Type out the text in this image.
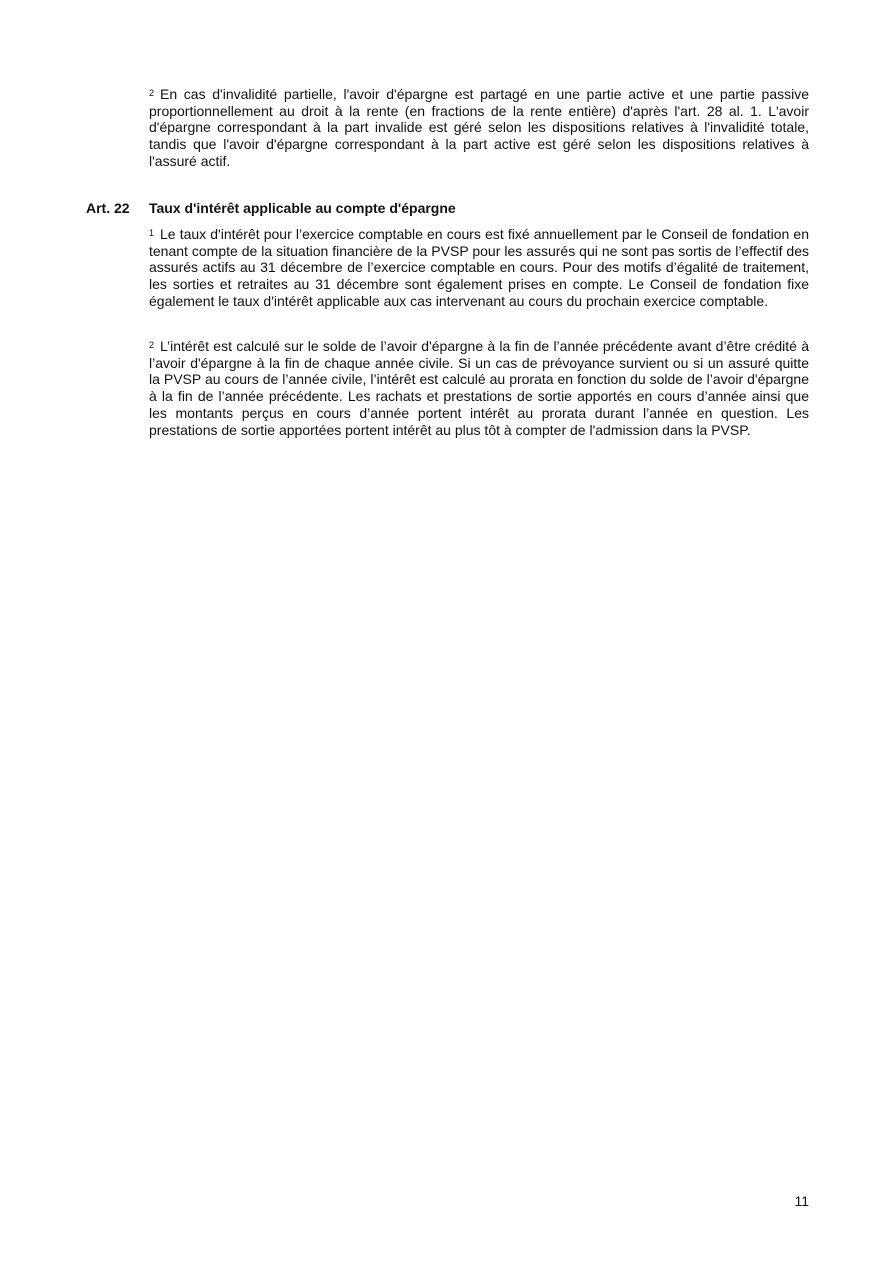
$^2$ En cas d'invalidité partielle, l'avoir d'épargne est partagé en une partie active et une partie passive proportionnellement au droit à la rente (en fractions de la rente entière) d'après l'art. 28 al. 1. L'avoir d'épargne correspondant à la part invalide est géré selon les dispositions relatives à l'invalidité totale, tandis que l'avoir d'épargne correspondant à la part active est géré selon les dispositions relatives à l'assuré actif.

Art. 22 Taux d'intérêt applicable au compte d'épargne

$^1$ Le taux d'intérêt pour l’exercice comptable en cours est fixé annuellement par le Conseil de fondation en tenant compte de la situation financière de la PVSP pour les assurés qui ne sont pas sortis de l’effectif des assurés actifs au 31 décembre de l’exercice comptable en cours. Pour des motifs d’égalité de traitement, les sorties et retraites au 31 décembre sont également prises en compte. Le Conseil de fondation fixe également le taux d'intérêt applicable aux cas intervenant au cours du prochain exercice comptable.

$^2$ L’intérêt est calculé sur le solde de l’avoir d'épargne à la fin de l’année précédente avant d’être crédité à l’avoir d'épargne à la fin de chaque année civile. Si un cas de prévoyance survient ou si un assuré quitte la PVSP au cours de l’année civile, l’intérêt est calculé au prorata en fonction du solde de l’avoir d'épargne à la fin de l’année précédente. Les rachats et prestations de sortie apportés en cours d’année ainsi que les montants perçus en cours d’année portent intérêt au prorata durant l’année en question. Les prestations de sortie apportées portent intérêt au plus tôt à compter de l'admission dans la PVSP.

11
